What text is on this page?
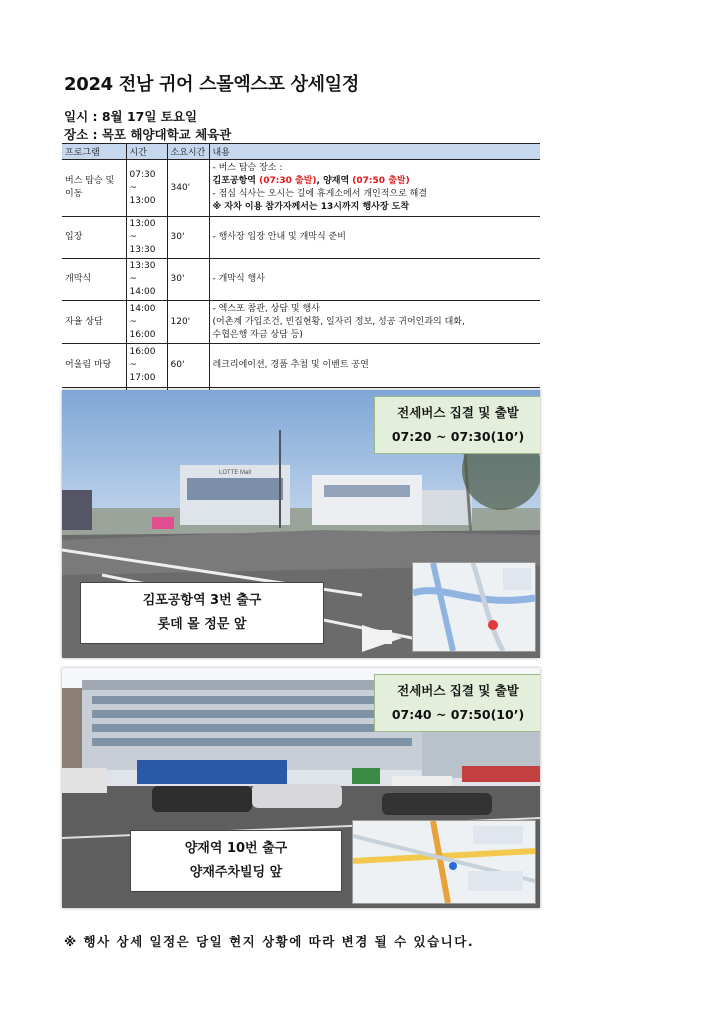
2024 전남 귀어 스몰엑스포 상세일정
일시 : 8월 17일 토요일
장소 : 목포 해양대학교 체육관
프로그램	시간	소요시간	내용
버스 탑승 및 이동	07:30 ~ 13:00	340'	- 버스 탑승 장소 :
김포공항역 (07:30 출발), 양재역 (07:50 출발)
- 점심 식사는 오시는 길에 휴게소에서 개인적으로 해결
※ 자차 이용 참가자께서는 13시까지 행사장 도착

입장	13:00 ~ 13:30	30'	- 행사장 입장 안내 및 개막식 준비
개막식	13:30 ~ 14:00	30'	- 개막식 행사
자율 상담	14:00 ~ 16:00	120'	- 엑스포 참관, 상담 및 행사
(어촌계 가입조건, 빈집현황, 일자리 정보, 성공 귀어인과의 대화,
수협은행 자금 상담 등)

어울림 마당	16:00 ~ 17:00	60'	레크리에이션, 경품 추첨 및 이벤트 공연

LOTTE Mall
전세버스 집결 및 출발
07:20 ~ 07:30(10’)
김포공항역 3번 출구
롯데 몰 정문 앞
전세버스 집결 및 출발
07:40 ~ 07:50(10’)
양재역 10번 출구
양재주차빌딩 앞
※ 행사 상세 일정은 당일 현지 상황에 따라 변경 될 수 있습니다.
